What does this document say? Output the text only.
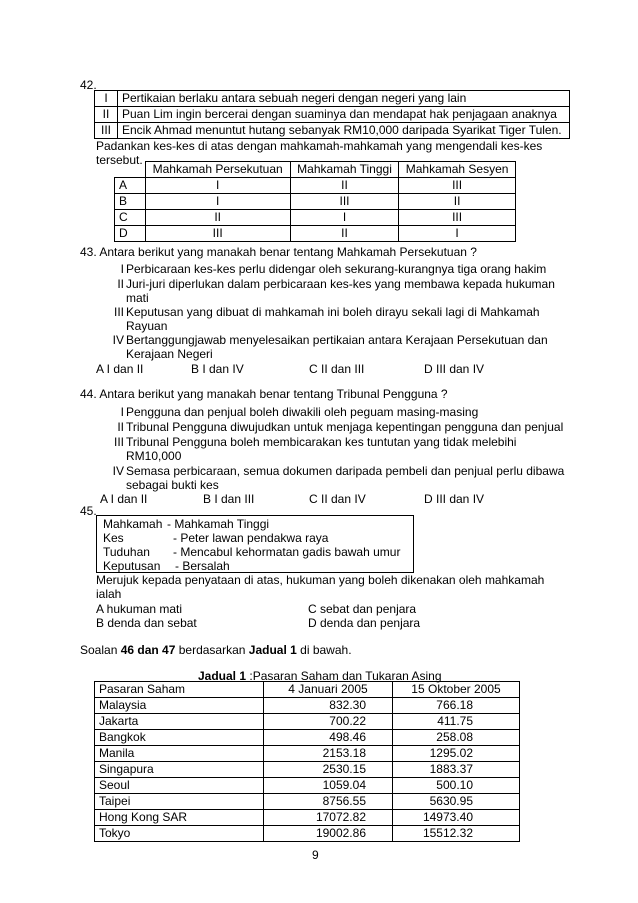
42.
I	Pertikaian berlaku antara sebuah negeri dengan negeri yang lain
II	Puan Lim ingin bercerai dengan suaminya dan mendapat hak penjagaan anaknya
III	Encik Ahmad menuntut hutang sebanyak RM10,000 daripada Syarikat Tiger Tulen.
Padankan kes-kes di atas dengan mahkamah-mahkamah yang mengendali kes-kes
tersebut.
	Mahkamah Persekutuan	Mahkamah Tinggi	Mahkamah Sesyen
A	I	II	III
B	I	III	II
C	II	I	III
D	III	II	I
43. Antara berikut yang manakah benar tentang Mahkamah Persekutuan ?
I Perbicaraan kes-kes perlu didengar oleh sekurang-kurangnya tiga orang hakim
II Juri-juri diperlukan dalam perbicaraan kes-kes yang membawa kepada hukuman
mati
III Keputusan yang dibuat di mahkamah ini boleh dirayu sekali lagi di Mahkamah
Rayuan
IV Bertanggungjawab menyelesaikan pertikaian antara Kerajaan Persekutuan dan
Kerajaan Negeri
A I dan II	B I dan IV	C II dan III	D III dan IV
44. Antara berikut yang manakah benar tentang Tribunal Pengguna ?
I Pengguna dan penjual boleh diwakili oleh peguam masing-masing
II Tribunal Pengguna diwujudkan untuk menjaga kepentingan pengguna dan penjual
III Tribunal Pengguna boleh membicarakan kes tuntutan yang tidak melebihi
RM10,000
IV Semasa perbicaraan, semua dokumen daripada pembeli dan penjual perlu dibawa
sebagai bukti kes
A I dan II	B I dan III	C II dan IV	D III dan IV
45.
Mahkamah - Mahkamah Tinggi
Kes	- Peter lawan pendakwa raya
Tuduhan - Mencabul kehormatan gadis bawah umur
Keputusan - Bersalah
Merujuk kepada penyataan di atas, hukuman yang boleh dikenakan oleh mahkamah
ialah
A hukuman mati
B denda dan sebat
C sebat dan penjara
D denda dan penjara
Soalan 46 dan 47 berdasarkan Jadual 1 di bawah.
Jadual 1 :Pasaran Saham dan Tukaran Asing
Pasaran Saham	4 Januari 2005	15 Oktober 2005
Malaysia	832.30	766.18
Jakarta	700.22	411.75
Bangkok	498.46	258.08
Manila	2153.18	1295.02
Singapura	2530.15	1883.37
Seoul	1059.04	500.10
Taipei	8756.55	5630.95
Hong Kong SAR	17072.82	14973.40
Tokyo	19002.86	15512.32
9
